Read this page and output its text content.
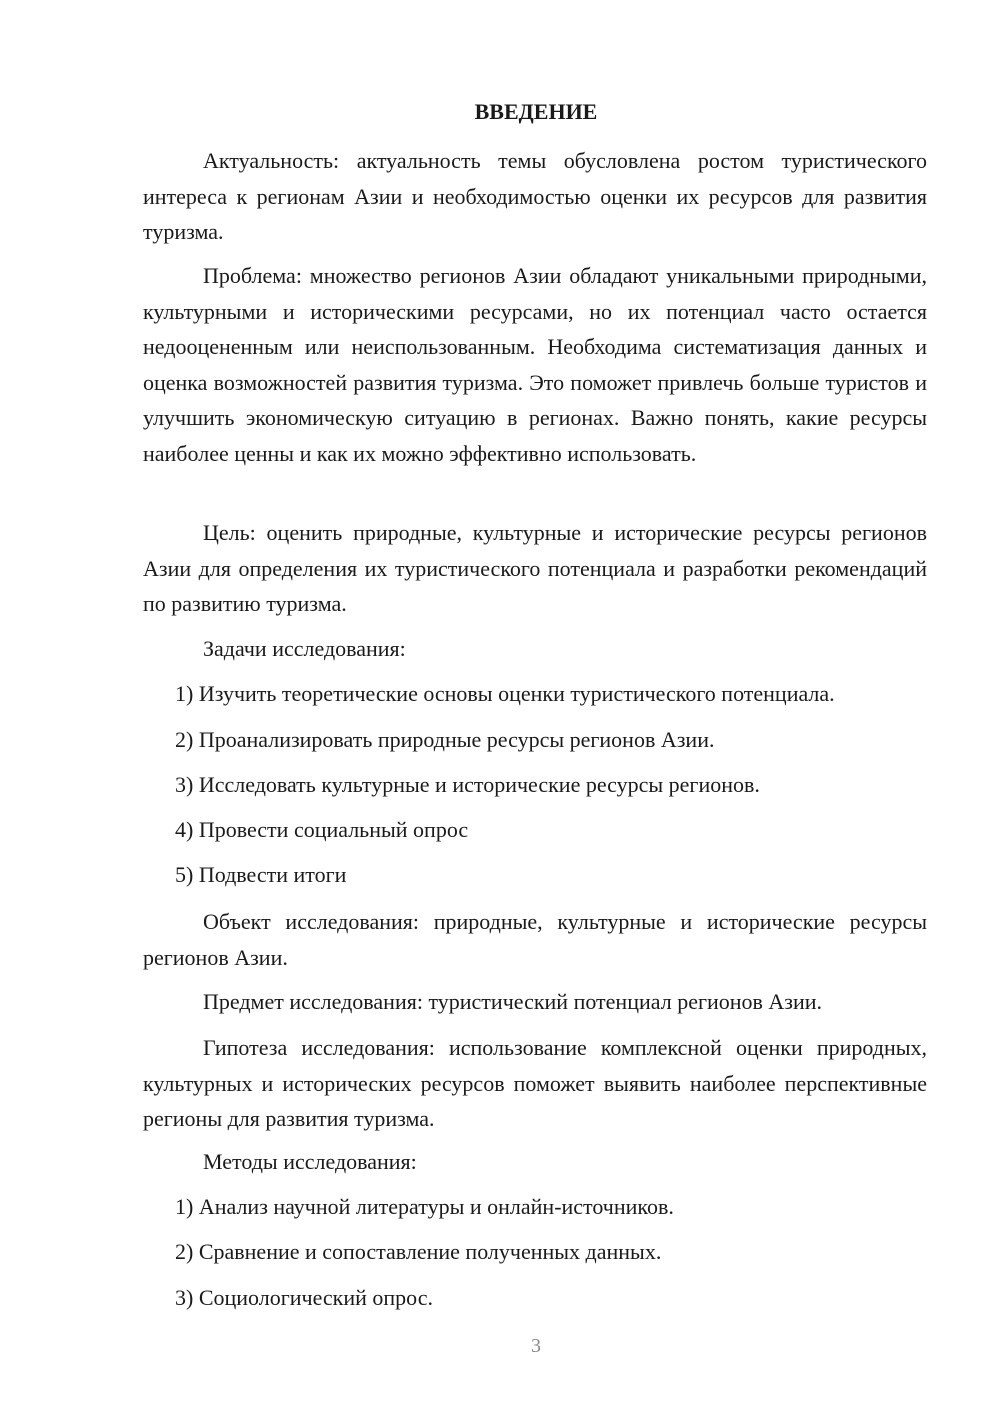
ВВЕДЕНИЕ

Актуальность: актуальность темы обусловлена ростом туристического интереса к регионам Азии и необходимостью оценки их ресурсов для развития туризма.

Проблема: множество регионов Азии обладают уникальными природными, культурными и историческими ресурсами, но их потенциал часто остается недооцененным или неиспользованным. Необходима систематизация данных и оценка возможностей развития туризма. Это поможет привлечь больше туристов и улучшить экономическую ситуацию в регионах. Важно понять, какие ресурсы наиболее ценны и как их можно эффективно использовать.

Цель: оценить природные, культурные и исторические ресурсы регионов Азии для определения их туристического потенциала и разработки рекомендаций по развитию туризма.

Задачи исследования:

1) Изучить теоретические основы оценки туристического потенциала.

2) Проанализировать природные ресурсы регионов Азии.

3) Исследовать культурные и исторические ресурсы регионов.

4) Провести социальный опрос

5) Подвести итоги

Объект исследования: природные, культурные и исторические ресурсы регионов Азии.

Предмет исследования: туристический потенциал регионов Азии.

Гипотеза исследования: использование комплексной оценки природных, культурных и исторических ресурсов поможет выявить наиболее перспективные регионы для развития туризма.

Методы исследования:

1) Анализ научной литературы и онлайн-источников.

2) Сравнение и сопоставление полученных данных.

3) Социологический опрос.

3
